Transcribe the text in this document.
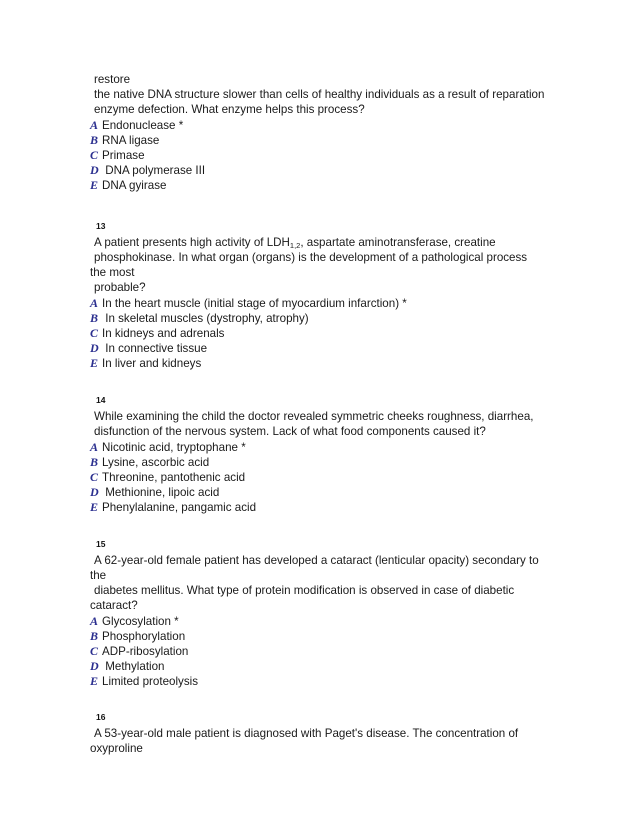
restore
the native DNA structure slower than cells of healthy individuals as a result of reparation
enzyme defection. What enzyme helps this process?
A Endonuclease *
B RNA ligase
C Primase
D DNA polymerase III
E DNA gyirase
13
A patient presents high activity of $LDH_{1,2}$, aspartate aminotransferase, creatine
phosphokinase. In what organ (organs) is the development of a pathological process
the most
probable?
A In the heart muscle (initial stage of myocardium infarction) *
B In skeletal muscles (dystrophy, atrophy)
C In kidneys and adrenals
D In connective tissue
E In liver and kidneys
14
While examining the child the doctor revealed symmetric cheeks roughness, diarrhea,
disfunction of the nervous system. Lack of what food components caused it?
A Nicotinic acid, tryptophane *
B Lysine, ascorbic acid
C Threonine, pantothenic acid
D Methionine, lipoic acid
E Phenylalanine, pangamic acid
15
A 62-year-old female patient has developed a cataract (lenticular opacity) secondary to
the
diabetes mellitus. What type of protein modification is observed in case of diabetic
cataract?
A Glycosylation *
B Phosphorylation
C ADP-ribosylation
D Methylation
E Limited proteolysis
16
A 53-year-old male patient is diagnosed with Paget's disease. The concentration of
oxyproline
